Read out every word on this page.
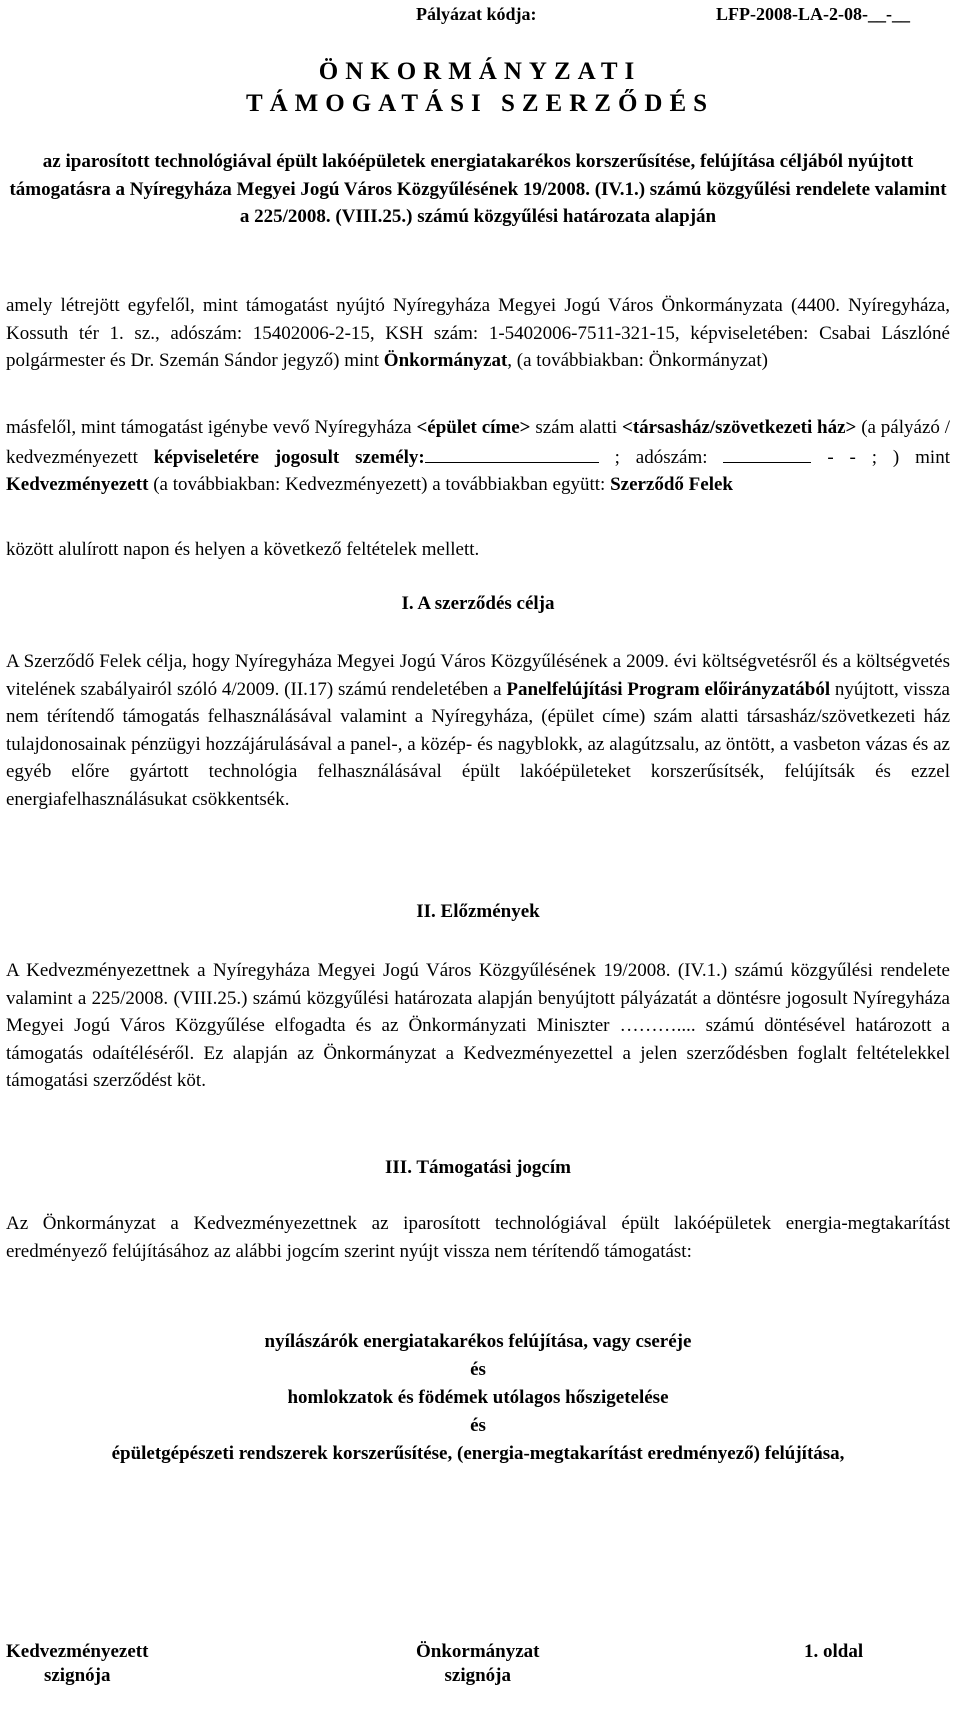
Pályázat kódja:	LFP-2008-LA-2-08-__-__
ÖNKORMÁNYZATI
TÁMOGATÁSI SZERZŐDÉS
az iparosított technológiával épült lakóépületek energiatakarékos korszerűsítése, felújítása céljából nyújtott támogatásra a Nyíregyháza Megyei Jogú Város Közgyűlésének 19/2008. (IV.1.) számú közgyűlési rendelete valamint a 225/2008. (VIII.25.) számú közgyűlési határozata alapján
amely létrejött egyfelől, mint támogatást nyújtó Nyíregyháza Megyei Jogú Város Önkormányzata (4400. Nyíregyháza, Kossuth tér 1. sz., adószám: 15402006-2-15, KSH szám: 1-5402006-7511-321-15, képviseletében: Csabai Lászlóné polgármester és Dr. Szemán Sándor jegyző) mint Önkormányzat, (a továbbiakban: Önkormányzat)
másfelől, mint támogatást igénybe vevő Nyíregyháza <épület címe> szám alatti <társasház/szövetkezeti ház> (a pályázó / kedvezményezett képviseletére jogosult személy:	; adószám:	- - ; ) mint Kedvezményezett (a továbbiakban: Kedvezményezett) a továbbiakban együtt: Szerződő Felek
között alulírott napon és helyen a következő feltételek mellett.
I. A szerződés célja
A Szerződő Felek célja, hogy Nyíregyháza Megyei Jogú Város Közgyűlésének a 2009. évi költségvetésről és a költségvetés vitelének szabályairól szóló 4/2009. (II.17) számú rendeletében a Panelfelújítási Program előirányzatából nyújtott, vissza nem térítendő támogatás felhasználásával valamint a Nyíregyháza, (épület címe) szám alatti társasház/szövetkezeti ház tulajdonosainak pénzügyi hozzájárulásával a panel-, a közép- és nagyblokk, az alagútzsalu, az öntött, a vasbeton vázas és az egyéb előre gyártott technológia felhasználásával épült lakóépületeket korszerűsítsék, felújítsák és ezzel energiafelhasználásukat csökkentsék.
II. Előzmények
A Kedvezményezettnek a Nyíregyháza Megyei Jogú Város Közgyűlésének 19/2008. (IV.1.) számú közgyűlési rendelete valamint a 225/2008. (VIII.25.) számú közgyűlési határozata alapján benyújtott pályázatát a döntésre jogosult Nyíregyháza Megyei Jogú Város Közgyűlése elfogadta és az Önkormányzati Miniszter ……….... számú döntésével határozott a támogatás odaítéléséről. Ez alapján az Önkormányzat a Kedvezményezettel a jelen szerződésben foglalt feltételekkel támogatási szerződést köt.
III. Támogatási jogcím
Az Önkormányzat a Kedvezményezettnek az iparosított technológiával épült lakóépületek energia-megtakarítást eredményező felújításához az alábbi jogcím szerint nyújt vissza nem térítendő támogatást:
nyílászárók energiatakarékos felújítása, vagy cseréje
és
homlokzatok és födémek utólagos hőszigetelése
és
épületgépészeti rendszerek korszerűsítése, (energia-megtakarítást eredményező) felújítása,
Kedvezményezett
szignója
Önkormányzat
szignója
1. oldal
